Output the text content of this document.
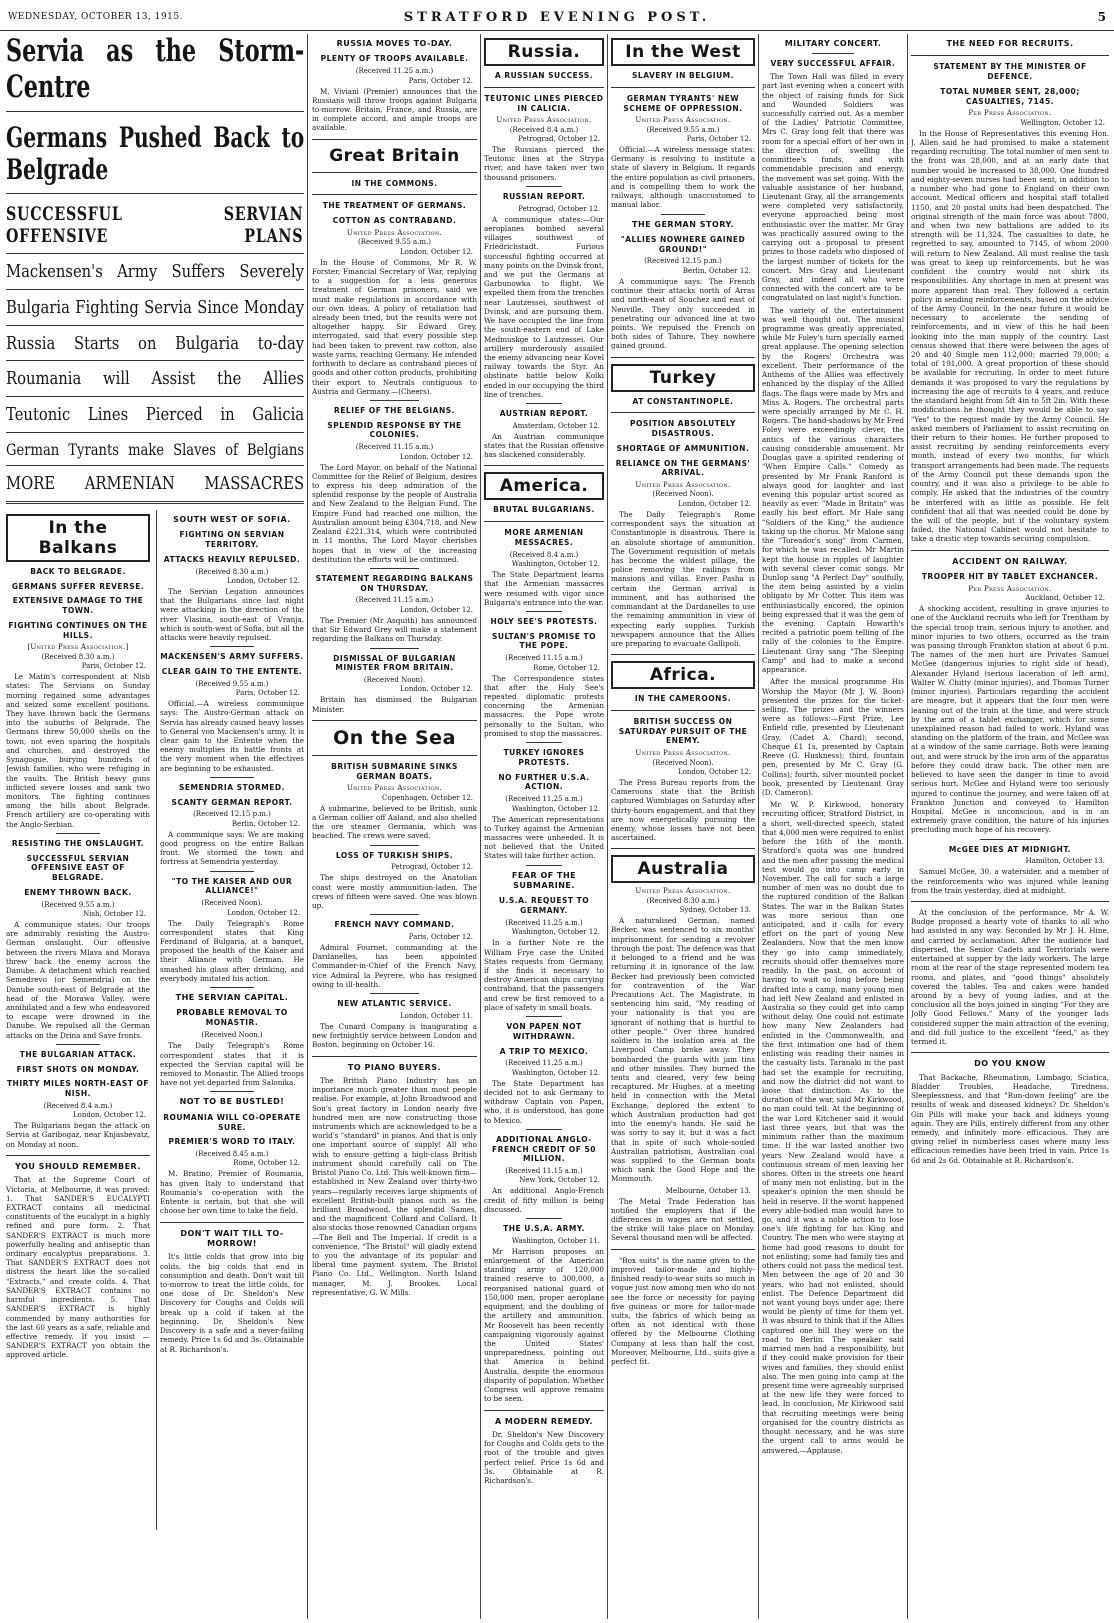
WEDNESDAY, OCTOBER 13, 1915.	STRATFORD EVENING POST.	5
Servia as the Storm-Centre
Germans Pushed Back to Belgrade
SUCCESSFUL SERVIAN OFFENSIVE PLANS
Mackensen's Army Suffers Severely
Bulgaria Fighting Servia Since Monday
Russia Starts on Bulgaria to-day
Roumania will Assist the Allies
Teutonic Lines Pierced in Galicia
German Tyrants make Slaves of Belgians
MORE ARMENIAN MASSACRES
In the Balkans
BACK TO BELGRADE.
GERMANS SUFFER REVERSE.
EXTENSIVE DAMAGE TO THE TOWN.
FIGHTING CONTINUES ON THE HILLS.
[United Press Association.]
(Received 8.30 a.m.)
Paris, October 12.

Le Matin's correspondent at Nish states: The Servians on Sunday morning regained some advantages and seized some excellent positions. They have thrown back the Germans into the suburbs of Belgrade. The Germans threw 50,000 shells on the town, not even sparing the hospitals and churches, and destroyed the Synagogue, burying hundreds of Jewish families, who were refuging in the vaults. The British heavy guns inflicted severe losses and sank two monitors. The fighting continues among the hills about Belgrade. French artillery are co-operating with the Anglo-Serbian.

RESISTING THE ONSLAUGHT.
SUCCESSFUL SERVIAN OFFENSIVE EAST OF BELGRADE.
ENEMY THROWN BACK.
(Received 9.55 a.m.)
Nish, October 12.

A communique states: Our troops are admirably resisting the Austro-German onslaught. Our offensive between the rivers Mlava and Morava threw back the enemy across the Danube. A detachment which reached Semedrevo (or Semendria) on the Danube south-east of Belgrade at the head of the Morawa Valley, were annihilated and a few who endeavored to escape were drowned in the Danube. We repulsed all the German attacks on the Drina and Save fronts.

THE BULGARIAN ATTACK.
FIRST SHOTS ON MONDAY.
THIRTY MILES NORTH-EAST OF NISH.
(Received 8.4 a.m.)
London, October 12.

The Bulgarians began the attack on Servia at Garibogaz, near Knjasbevatz, on Monday at noon.

YOU SHOULD REMEMBER.

That at the Supreme Court of Victoria, at Melbourne, it was proved: 1. That SANDER'S EUCALYPTI EXTRACT contains all medicinal constituents of the eucalypt in a highly refined and pure form. 2. That SANDER'S EXTRACT is much more powerfully healing and antiseptic than ordinary eucalyptus preparations. 3. That SANDER'S EXTRACT does not distress the heart like the so-called "Extracts," and create colds. 4. That SANDER'S EXTRACT contains no harmful ingredients. 5. That SANDER'S EXTRACT is highly commended by many authorities for the last 60 years as a safe, reliable and effective remedy. If you insist — SANDER'S EXTRACT you obtain the approved article.

SOUTH WEST OF SOFIA.
FIGHTING ON SERVIAN TERRITORY.
ATTACKS HEAVILY REPULSED.
(Received 8.30 a.m.)
London, October 12.

The Servian Legation announces that the Bulgarians since last night were attacking in the direction of the river Vlasina, south-east of Vranja, which is south-west of Sofia, but all the attacks were heavily repulsed.

MACKENSEN'S ARMY SUFFERS.
CLEAR GAIN TO THE ENTENTE.
(Received 9.55 a.m.)
Paris, October 12.

Official.—A wireless communique says: The Austro-German attack on Servia has already caused heavy losses to General von Mackensen's army. It is clear gain to the Entente when the enemy multiplies its battle fronts at the very moment when the effectives are beginning to be exhausted.

SEMENDRIA STORMED.
SCANTY GERMAN REPORT.
(Received 12.15 p.m.)
Berlin, October 12.

A communique says: We are making good progress on the entire Balkan front. We stormed the town and fortress at Semendria yesterday.

"TO THE KAISER AND OUR ALLIANCE!"
(Received Noon).
London, October 12.

The Daily Telegraph's Rome correspondent states that King Ferdinand of Bulgaria, at a banquet, proposed the health of the Kaiser and their Alliance with German. He smashed his glass after drinking, and everybody imitated his action.

THE SERVIAN CAPITAL.
PROBABLE REMOVAL TO MONASTIR.
(Received Noon.)

The Daily Telegraph's Rome correspondent states that it is expected the Servian capital will be removed to Monastir. The Allied troops have not yet departed from Salonika.

NOT TO BE BUSTLED!
ROUMANIA WILL CO-OPERATE SURE.
PREMIER'S WORD TO ITALY.
(Received 8.45 a.m.)
Rome, October 12.

M. Bratino, Premier of Roumania, has given Italy to understand that Roumania's co-operation with the Entente is certain, but that she will choose her own time to take the field.

DON'T WAIT TILL TO-MORROW!

It's little colds that grow into big colds, the big colds that end in consumption and death. Don't wait till to-morrow to treat the little colds, for one dose of Dr. Sheldon's New Discovery for Coughs and Colds will break up a cold if taken at the beginning. Dr. Sheldon's New Discovery is a safe and a never-failing remedy. Price 1s 6d and 3s. Obtainable at R. Richardson's.

RUSSIA MOVES TO-DAY.
PLENTY OF TROOPS AVAILABLE.
(Received 11.25 a.m.)
Paris, October 12.

M. Viviani (Premier) announces that the Russians will throw troops against Bulgaria to-morrow. Britain, France, and Russia, are in complete accord, and ample troops are available.

Great Britain
IN THE COMMONS.
THE TREATMENT OF GERMANS.
COTTON AS CONTRABAND.
United Press Association.
(Received 9.55 a.m.)
London, October 12.

In the House of Commons, Mr R. W. Forster, Financial Secretary of War, replying to a suggestion for a less generous treatment of German prisoners, said we must make regulations in accordance with our own ideas. A policy of retaliation had already been tried, but the results were not altogether happy. Sir Edward Grey, interrogated, said that every possible step had been taken to prevent raw cotton, also waste yarns, reaching Germany. He intended forthwith to declare as contraband pieces of goods and other cotton products, prohibiting their export to Neutrals contiguous to Austria and Germany.—(Cheers).

RELIEF OF THE BELGIANS.
SPLENDID RESPONSE BY THE COLONIES.
(Received 11.15 a.m.)
London, October 12.

The Lord Mayor, on behalf of the National Committee for the Relief of Belgium, desires to express his deep admiration of the splendid response by the people of Australia and New Zealand to the Belgian Fund. The Empire Fund had reached one million, the Australian amount being £304,718, and New Zealand £221,314, which were contributed in 11 months. The Lord Mayor cherishes hopes that in view of the increasing destitution the efforts will be continued.

STATEMENT REGARDING BALKANS ON THURSDAY.
(Received 11.15 a.m.)
London, October 12.

The Premier (Mr Asquith) has announced that Sir Edward Grey will make a statement regarding the Balkans on Thursday.

DISMISSAL OF BULGARIAN MINISTER FROM BRITAIN.
(Received Noon).
London, October 12.

Britain has dismissed the Bulgarian Minister.

On the Sea
BRITISH SUBMARINE SINKS GERMAN BOATS.
United Press Association.
Copenhagen, October 12.

A submarine, believed to be British, sunk a German collier off Aaland, and also shelled the ore steamer Germania, which was beached. The crews were saved.

LOSS OF TURKISH SHIPS.
Petrograd, October 12.

The ships destroyed on the Anatolian coast were mostly ammunition-laden. The crews of fifteen were saved. One was blown up.

FRENCH NAVY COMMAND.
Paris, October 12.

Admiral Fournet, commanding at the Dardanelles, has been appointed Commander-in-Chief of the French Navy, vice Admiral la Peyrere, who has resigned owing to ill-health.

NEW ATLANTIC SERVICE.
London, October 11.

The Cunard Company is inaugurating a new fortnightly service between London and Boston, beginning on October 16.

TO PIANO BUYERS.

The British Piano Industry has an importance much greater than most people realise. For example, at John Broadwood and Son's great factory in London nearly five hundred men are now constructing those instruments which are acknowledged to be a world's "standard" in pianos. And that is only one important source of supply! All who wish to ensure getting a high-class British instrument should carefully call on The Bristol Piano Co. Ltd. This well-known firm—established in New Zealand over thirty-two years—regularly receives large shipments of excellent British-built pianos such as the brilliant Broadwood, the splendid Sames, and the magnificent Collard and Collard. It also stocks those renowned Canadian organs—The Bell and The Imperial. If credit is a convenience, "The Bristol" will gladly extend to you the advantage of its popular and liberal time payment system. The Bristol Piano Co. Ltd., Wellington. North Island manager, M. J. Brookes. Local representative, G. W. Mills.

Russia.
A RUSSIAN SUCCESS.
TEUTONIC LINES PIERCED IN CALICIA.
United Press Association.
(Received 8.4 a.m.)
Petrograd, October 12.

The Russians pierced the Teutonic lines at the Strypa river, and have taken over two thousand prisoners.

RUSSIAN REPORT.
Petrograd, October 12.

A communique states:—Our aeroplanes bombed several villages southwest of Friedrichstadt. Furious successful fighting occurred at many points on the Dvinsk front, and we put the Germans at Garbunowka to flight. We expelled them from the trenches near Lautzessei, southwest of Dvinsk, and are pursuing them. We have occupied the line from the south-eastern end of Lake Medmuskge to Lautzessei. Our artillery murderously assailed the enemy advancing near Kovel railway towards the Styr. An obstinate battle below Kolki ended in our occupying the third line of trenches.

AUSTRIAN REPORT.
Amsterdam, October 12.

An Austrian communique states that the Russian offensive has slackened considerably.

America.
BRUTAL BULGARIANS.
MORE ARMENIAN MESSACRES.
(Received 8.4 a.m.)
Washington, October 12.

The State Department learns that the Armenian massacres were resumed with vigor since Bulgaria's entrance into the war.

HOLY SEE'S PROTESTS.
SULTAN'S PROMISE TO THE POPE.
(Received 11.15 a.m.)
Rome, October 12.

The Correspondence states that after the Holy See's repeated diplomatic protests concerning the Armenian massacres, the Pope wrote personally to the Sultan, who promised to stop the massacres.

TURKEY IGNORES PROTESTS.
NO FURTHER U.S.A. ACTION.
(Received 11.25 a.m.)
Washington, October 12.

The American representations to Turkey against the Armenian massacres were unheeded. It is not believed that the United States will take further action.

FEAR OF THE SUBMARINE.
U.S.A. REQUEST TO GERMANY.
(Received 11.25 a.m.)
Washington, October 12.

In a further Note re the William Frye case the United States requests from Germany, if she finds it necessary to destroy American ships carrying contraband, that the passengers and crew be first removed to a place of safety in small boats.

VON PAPEN NOT WITHDRAWN.
A TRIP TO MEXICO.
(Received 11.25 a.m.)
Washington, October 12.

The State Department has decided not to ask Germany to withdraw Captain von Papen, who, it is understood, has gone to Mexico.

ADDITIONAL ANGLO-FRENCH CREDIT OF 50 MILLION.
(Received 11.15 a.m.)
New York, October 12.

An additional Anglo-French credit of fifty million is being discussed.

THE U.S.A. ARMY.
Washington, October 11.

Mr Harrison proposes an enlargement of the American standing army of 120,000 trained reserve to 300,000, a reorganised national guard of 150,000 men, proper aeroplane equipment, and the doubling of the artillery and ammunition. Mr Roosevelt has been recently campaigning vigorously against the United States' unpreparedness, pointing out that America is behind Australia, despite the enormous disparity of population. Whether Congress will approve remains to be seen.

A MODERN REMEDY.

Dr. Sheldon's New Discovery for Coughs and Colds gets to the root of the trouble and gives perfect relief. Price 1s 6d and 3s. Obtainable at R. Richardson's.

In the West
SLAVERY IN BELGIUM.
GERMAN TYRANTS' NEW SCHEME OF OPPRESSION.
United Press Association.
(Received 9.55 a.m.)
Paris, October 12.

Official.—A wireless message states: Germany is resolving to institute a state of slavery in Belgium. It regards the entire population as civil prisoners, and is compelling them to work the railways, although unaccustomed to manual labor.

THE GERMAN STORY.
"ALLIES NOWHERE GAINED GROUND!"
(Received 12.15 p.m.)
Berlin, October 12.

A communique says: The French continue their attacks north of Arras and north-east of Souchez and east of Neuville. They only succeeded in penetrating our advanced line at two points. We repulsed the French on both sides of Tahure. They nowhere gained ground.

Turkey
AT CONSTANTINOPLE.
POSITION ABSOLUTELY DISASTROUS.
SHORTAGE OF AMMUNITION.
RELIANCE ON THE GERMANS' ARRIVAL.
United Press Association.
(Received Noon).
London, October 12.

The Daily Telegraph's Rome correspondent says the situation at Constantinople is disastrous. There is an absolute shortage of ammunition. The Government requisition of metals has become the wildest pillage, the police removing the railings from mansions and villas. Enver Pasha is certain the German arrival is imminent, and has authorised the commandant at the Dardanelles to use the remaining ammunition in view of expecting early supplies. Turkish newspapers announce that the Allies are preparing to evacuate Gallipoli.

Africa.
IN THE CAMEROONS.
BRITISH SUCCESS ON SATURDAY PURSUIT OF THE ENEMY.
United Press Association.
(Received Noon).
London, October 12.

The Press Bureau reports from the Cameroons state that the British captured Wumbiagas on Saturday after thirty-hours engagement, and that they are now energetically pursuing the enemy, whose losses have not been ascertained.

Australia
United Press Association.
(Received 8.30 a.m.)
Sydney, October 13.

A naturalised German, named Becker, was sentenced to six months' imprisonment for sending a revolver through the post. The defence was that it belonged to a friend and he was returning it in ignorance of the law. Becker had previously been convicted for contravention of the War Precautions Act. The Magistrate, in sentencing him said, "My reading of your nationality is that you are ignorant of nothing that is hurtful to other people." Over three hundred soldiers in the isolation area at the Liverpool Camp broke away. They bombarded the guards with jam tins and other missiles. They burned the tents and cleared, very few being recaptured. Mr Hughes, at a meeting held in connection with the Metal Exchange, deplored the extent to which Australian production had got into the enemy's hands. He said he was sorry to say it, but it was a fact that in spite of such whole-souled Australian patriotism, Australian coal was supplied to the German boats which sank the Good Hope and the Monmouth.

Melbourne, October 13.

The Metal Trade Federation has notified the employers that if the differences in wages are not settled, the strike will take place on Monday. Several thousand men will be affected.

"Box suits" is the name given to the improved tailor-made and highly-finished ready-to-wear suits so much in vogue just now among men who do not see the force or necessity for paying five guineas or more for tailor-made suits, the fabrics of which being as often as not identical with those offered by the Melbourne Clothing Company at less than half the cost. Moreover, Melbourne, Ltd., suits give a perfect fit.

MILITARY CONCERT.
VERY SUCCESSFUL AFFAIR.

The Town Hall was filled in every part last evening when a concert with the object of raising funds for Sick and Wounded Soldiers was successfully carried out. As a member of the Ladies' Patriotic Committee, Mrs C. Gray long felt that there was room for a special effort of her own in the direction of swelling the committee's funds, and with commendable precision and energy, the movement was set going. With the valuable assistance of her husband, Lieutenant Gray, all the arrangements were completed very satisfactorily, everyone approached being most enthusiastic over the matter. Mr Gray was practically assured owing to the carrying out a proposal to present prizes to those cadets who disposed of the largest number of tickets for the concert. Mrs Gray and Lieutenant Gray, and indeed all who were connected with the concert are to be congratulated on last night's function.

The variety of the entertainment was well thought out. The musical programme was greatly appreciated, while Mr Foley's turn specially earned great applause. The opening selection by the Rogers' Orchestra was excellent. Their performance of the Anthems of the Allies was effectively enhanced by the display of the Allied flags. The flags were made by Mrs and Miss A. Rogers. The orchestral parts were specially arranged by Mr C. H. Rogers. The hand-shadows by Mr Fred Foley were exceedingly clever, the antics of the various characters causing considerable amusement. Mr Douglas gave a spirited rendering of "When Empire Calls." Comedy as presented by Mr Frank Ranford is always good for laughter and last evening this popular artist scored as heavily as ever. "Made in Britain" was easily his best effort. Mr Hale sang "Soldiers of the King," the audience taking up the chorus. Mr Malone sang the "Toreador's song" from Carmen, for which he was recalled. Mr Martin kept the house in ripples of laughter with several clever comic songs. Mr Dunlop sang "A Perfect Day" soulfully, the item being assisted by a violin obligato by Mr Cotter. This item was enthusiastically encored, the opinion being expressed that it was the gem of the evening. Captain Howarth's recited a patriotic poem telling of the rally of the colonies to the Empire. Lieutenant Gray sang "The Sleeping Camp" and had to make a second appearance.

After the musical programme His Worship the Mayor (Mr J. W. Boon) presented the prizes for the ticket-selling. The prizes and the winners were as follows:—First Prize, Lee Enfield rifle, presented by Lieutenant Gray, (Cadet A. Chard); second, Cheque £1 1s, presented by Captain Reeve (G. Huskness); third, fountain pen, presented by Mr C. Gray (G. Collins); fourth, silver mounted pocket book, presented by Lieutenant Gray (D. Cameron).

Mr W. P. Kirkwood, honorary recruiting officer, Stratford District, in a short, well-directed speech, stated that 4,000 men were required to enlist before the 16th of the month. Stratford's quota was one hundred and the men after passing the medical test would go into camp early in November. The call for such a large number of men was no doubt due to the ruptured condition of the Balkan States. The war in the Balkan States was more serious than one anticipated, and it calls for every effort on the part of young New Zealanders. Now that the men know they go into camp immediately, recruits should offer themselves more readily. In the past, on account of having to wait so long before being drafted into a camp, many young men had left New Zealand and enlisted in Australia so they could get into camp without delay. One could not estimate how many New Zealanders had enlisted in the Commonwealth, and the first intimation one had of them enlisting was reading their names in the casualty lists. Taranaki in the past had set the example for recruiting, and now the district did not want to loose that distinction. As to the duration of the war, said Mr Kirkwood, no man could tell. At the beginning of the war Lord Kitchener said it would last three years, but that was the minimum rather than the maximum time. If the war lasted another two years New Zealand would have a continuous stream of men leaving her shores. Often in the streets one heard of many men not enlisting, but in the speaker's opinion the men should be held in reserve. If the worst happened every able-bodied man would have to go, and it was a noble action to lose one's life fighting for his King and Country. The men who were staying at home had good reasons to doubt for not enlisting; some had family ties and others could not pass the medical test. Men between the age of 20 and 30 years, who had not enlisted, should enlist. The Defence Department did not want young boys under age; there would be plenty of time for them yet. It was absurd to think that if the Allies captured one hill they were on the road to Berlin. The speaker said married men had a responsibility, but if they could make provision for their wives and families, they should enlist also. The men going into camp at the present time were agreeably surprised at the new life they were forced to lead. In conclusion, Mr Kirkwood said that recruiting meetings were being organised for the country districts as thought necessary, and he was sure the urgent call to arms would be answered.—Applause.

THE NEED FOR RECRUITS.
STATEMENT BY THE MINISTER OF DEFENCE.
TOTAL NUMBER SENT, 28,000; CASUALTIES, 7145.
Per Press Association.
Wellington, October 12.

In the House of Representatives this evening Hon. J. Allen said he had promised to make a statement regarding recruiting. The total number of men sent to the front was 28,000, and at an early date that number would be increased to 38,000. One hundred and eighty-seven nurses had been sent, in addition to a number who had gone to England on their own account. Medical officers and hospital staff totalled 1150, and 20 postal units had been despatched. The original strength of the main force was about 7800, and when two new battalions are added to its strength will be 11,324. The casualties to date, he regretted to say, amounted to 7145, of whom 2000 will return to New Zealand. All must realise the task was great to keep up reinforcements, but he was confident the country would not shirk its responsibilities. Any shortage in men at present was more apparent than real. They followed a certain policy in sending reinforcements, based on the advice of the Army Council. In the near future it would be necessary to accelerate the sending of reinforcements, and in view of this he had been looking into the man supply of the country. Last census showed that there were between the ages of 20 and 40 Single men 112,000; married 79,000; a total of 191,000. A great proportion of these should be available for recruiting. In order to meet future demands it was proposed to vary the regulations by increasing the age of recruits to 4 years, and reduce the standard height from 5ft 4in to 5ft 2in. With these modifications he thought they would be able to say "Yes" to the request made by the Army Council. He asked members of Parliament to assist recruiting on their return to their homes. He further proposed to assist recruiting by sending reinforcements every month, instead of every two months, for which transport arrangements had been made. The requests of the Army Council put these demands upon the country, and it was also a privilege to be able to comply. He asked that the industries of the country be interfered with as little as possible. He felt confident that all that was needed could be done by the will of the people, but if the voluntary system failed, the National Cabinet would not hesitate to take a drastic step towards securing compulsion.

ACCIDENT ON RAILWAY.
TROOPER HIT BY TABLET EXCHANCER.
Per Press Association.
Auckland, October 12.

A shocking accident, resulting in grave injuries to one of the Auckland recruits who left for Trentham by the special troop train, serious injury to another, and minor injuries to two others, occurred as the train was passing through Frankton station at about 6 p.m. The names of the men hurt are Privates Samuel McGee (dangerous injuries to right side of head), Alexander Hyland (serious laceration of left arm), Walter W. Chitty (minor injuries), and Thomas Turner (minor injuries). Particulars regarding the accident are meagre, but it appears that the four men were leaning out of the train at the time, and were struck by the arm of a tablet exchanger, which for some unexplained reason had failed to work. Hyland was standing on the platform of the train, and McGee was at a window of the same carriage. Both were leaning out, and were struck by the iron arm of the apparatus before they could draw back. The other men are believed to have seen the danger in time to avoid serious hurt. McGee and Hyland were too seriously injured to continue the journey, and were taken off at Frankton Junction and conveyed to Hamilton Hospital. McGee is unconscious, and is in an extremely grave condition, the nature of his injuries precluding much hope of his recovery.

McGEE DIES AT MIDNIGHT.
Hamilton, October 13.

Samuel McGee, 30, a watersider, and a member of the reinforcements who was injured while leaning from the train yesterday, died at midnight.

At the conclusion of the performance, Mr A. W. Budge proposed a hearty vote of thanks to all who had assisted in any way. Seconded by Mr J. H. Hine, and carried by acclamation. After the audience had dispersed, the Senior Cadets and Territorials were entertained at supper by the lady workers. The large room at the rear of the stage represented modern tea rooms, and plates, and "good things" absolutely covered the tables. Tea and cakes were handed around by a bevy of young ladies, and at the conclusion all the boys joined in singing "For they are Jolly Good Fellows." Many of the younger lads considered supper the main attraction of the evening, and did full justice to the excellent "feed," as they termed it.

DO YOU KNOW

That Backache, Rheumatism, Lumbago, Sciatica, Bladder Troubles, Headache, Tiredness, Sleeplessness, and that "Run-down feeling" are the results of weak and diseased kidneys? Dr. Sheldon's Gin Pills will make your back and kidneys young again. They are Pills, entirely different from any other remedy, and infinitely more efficacious. They are giving relief in numberless cases where many less efficacious remedies have been tried in vain. Price 1s 6d and 2s 6d. Obtainable at R. Richardson's.
